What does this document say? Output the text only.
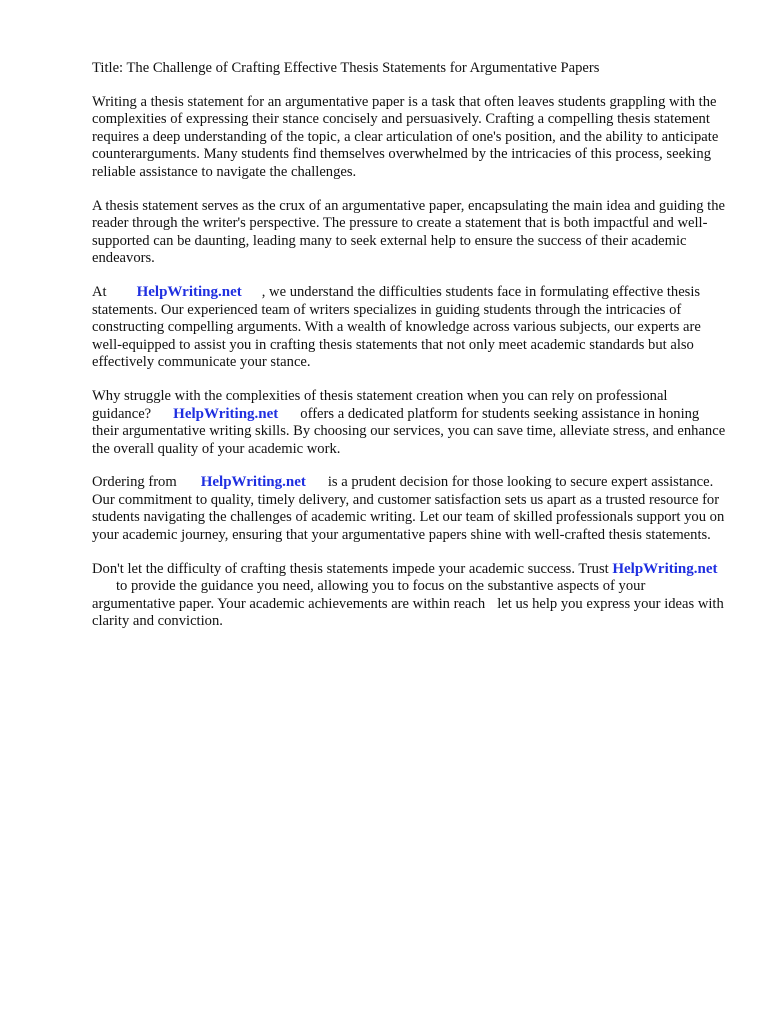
Title: The Challenge of Crafting Effective Thesis Statements for Argumentative Papers

Writing a thesis statement for an argumentative paper is a task that often leaves students grappling with the complexities of expressing their stance concisely and persuasively. Crafting a compelling thesis statement requires a deep understanding of the topic, a clear articulation of one's position, and the ability to anticipate counterarguments. Many students find themselves overwhelmed by the intricacies of this process, seeking reliable assistance to navigate the challenges.

A thesis statement serves as the crux of an argumentative paper, encapsulating the main idea and guiding the reader through the writer's perspective. The pressure to create a statement that is both impactful and well-supported can be daunting, leading many to seek external help to ensure the success of their academic endeavors.

At HelpWriting.net , we understand the difficulties students face in formulating effective thesis statements. Our experienced team of writers specializes in guiding students through the intricacies of constructing compelling arguments. With a wealth of knowledge across various subjects, our experts are well-equipped to assist you in crafting thesis statements that not only meet academic standards but also effectively communicate your stance.

Why struggle with the complexities of thesis statement creation when you can rely on professional guidance? HelpWriting.net offers a dedicated platform for students seeking assistance in honing their argumentative writing skills. By choosing our services, you can save time, alleviate stress, and enhance the overall quality of your academic work.

Ordering from HelpWriting.net is a prudent decision for those looking to secure expert assistance. Our commitment to quality, timely delivery, and customer satisfaction sets us apart as a trusted resource for students navigating the challenges of academic writing. Let our team of skilled professionals support you on your academic journey, ensuring that your argumentative papers shine with well-crafted thesis statements.

Don't let the difficulty of crafting thesis statements impede your academic success. Trust HelpWriting.netto provide the guidance you need, allowing you to focus on the substantive aspects of your argumentative paper. Your academic achievements are within reach let us help you express your ideas with clarity and conviction.
